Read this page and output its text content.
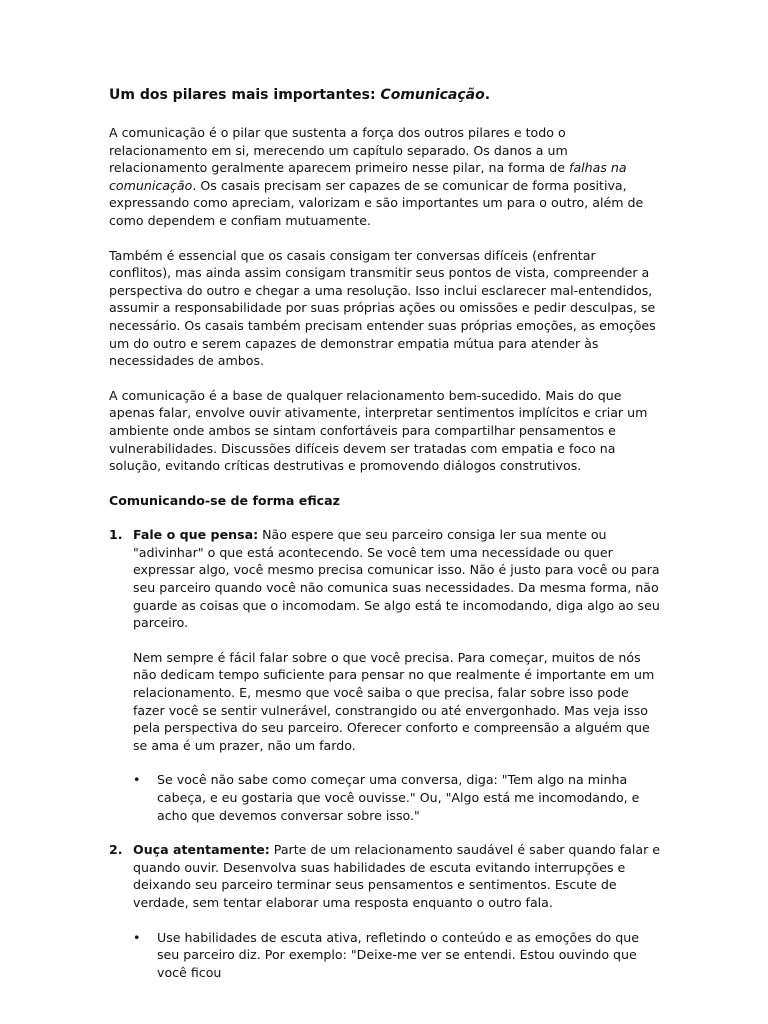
Um dos pilares mais importantes: Comunicação.

A comunicação é o pilar que sustenta a força dos outros pilares e todo o relacionamento em si, merecendo um capítulo separado. Os danos a um relacionamento geralmente aparecem primeiro nesse pilar, na forma de falhas na comunicação. Os casais precisam ser capazes de se comunicar de forma positiva, expressando como apreciam, valorizam e são importantes um para o outro, além de como dependem e confiam mutuamente.

Também é essencial que os casais consigam ter conversas difíceis (enfrentar conflitos), mas ainda assim consigam transmitir seus pontos de vista, compreender a perspectiva do outro e chegar a uma resolução. Isso inclui esclarecer mal-entendidos, assumir a responsabilidade por suas próprias ações ou omissões e pedir desculpas, se necessário. Os casais também precisam entender suas próprias emoções, as emoções um do outro e serem capazes de demonstrar empatia mútua para atender às necessidades de ambos.

A comunicação é a base de qualquer relacionamento bem-sucedido. Mais do que apenas falar, envolve ouvir ativamente, interpretar sentimentos implícitos e criar um ambiente onde ambos se sintam confortáveis para compartilhar pensamentos e vulnerabilidades. Discussões difíceis devem ser tratadas com empatia e foco na solução, evitando críticas destrutivas e promovendo diálogos construtivos.

Comunicando-se de forma eficaz
1. Fale o que pensa: Não espere que seu parceiro consiga ler sua mente ou "adivinhar" o que está acontecendo. Se você tem uma necessidade ou quer expressar algo, você mesmo precisa comunicar isso. Não é justo para você ou para seu parceiro quando você não comunica suas necessidades. Da mesma forma, não guarde as coisas que o incomodam. Se algo está te incomodando, diga algo ao seu parceiro.

Nem sempre é fácil falar sobre o que você precisa. Para começar, muitos de nós não dedicam tempo suficiente para pensar no que realmente é importante em um relacionamento. E, mesmo que você saiba o que precisa, falar sobre isso pode fazer você se sentir vulnerável, constrangido ou até envergonhado. Mas veja isso pela perspectiva do seu parceiro. Oferecer conforto e compreensão a alguém que se ama é um prazer, não um fardo.

• Se você não sabe como começar uma conversa, diga: "Tem algo na minha cabeça, e eu gostaria que você ouvisse." Ou, "Algo está me incomodando, e acho que devemos conversar sobre isso."

2. Ouça atentamente: Parte de um relacionamento saudável é saber quando falar e quando ouvir. Desenvolva suas habilidades de escuta evitando interrupções e deixando seu parceiro terminar seus pensamentos e sentimentos. Escute de verdade, sem tentar elaborar uma resposta enquanto o outro fala.

• Use habilidades de escuta ativa, refletindo o conteúdo e as emoções do que seu parceiro diz. Por exemplo: "Deixe-me ver se entendi. Estou ouvindo que você ficou
